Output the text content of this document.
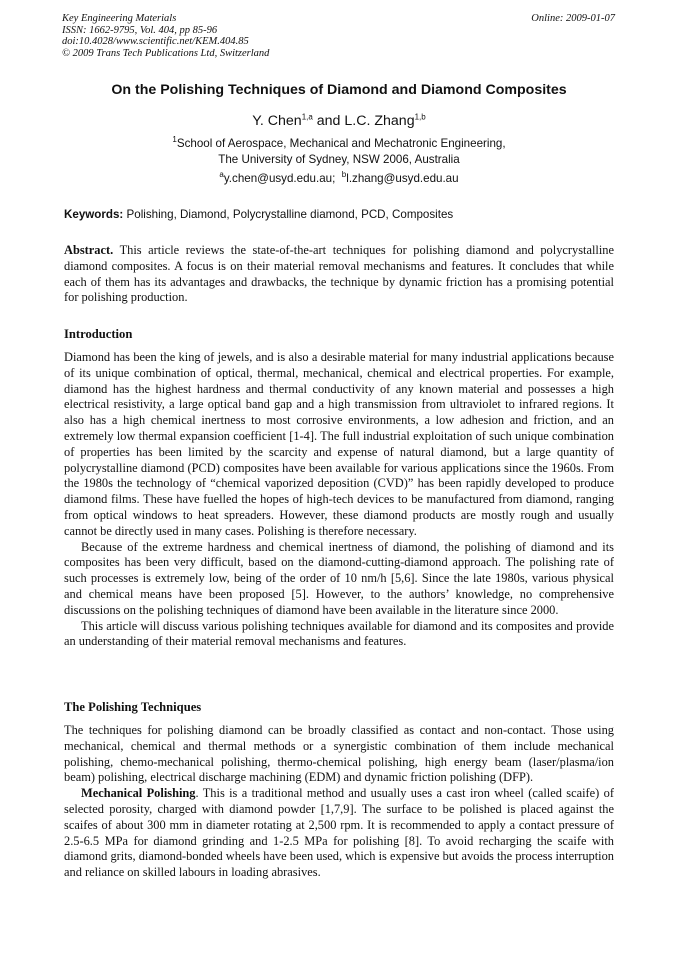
Key Engineering Materials
ISSN: 1662-9795, Vol. 404, pp 85-96
doi:10.4028/www.scientific.net/KEM.404.85
© 2009 Trans Tech Publications Ltd, Switzerland
Online: 2009-01-07
On the Polishing Techniques of Diamond and Diamond Composites
Y. Chen$^{1,a}$ and L.C. Zhang$^{1,b}$
$^1$School of Aerospace, Mechanical and Mechatronic Engineering,
The University of Sydney, NSW 2006, Australia
$^a$y.chen@usyd.edu.au; $^b$l.zhang@usyd.edu.au
Keywords: Polishing, Diamond, Polycrystalline diamond, PCD, Composites

Abstract. This article reviews the state-of-the-art techniques for polishing diamond and polycrystalline diamond composites. A focus is on their material removal mechanisms and features. It concludes that while each of them has its advantages and drawbacks, the technique by dynamic friction has a promising potential for polishing production.

Introduction

Diamond has been the king of jewels, and is also a desirable material for many industrial applications because of its unique combination of optical, thermal, mechanical, chemical and electrical properties. For example, diamond has the highest hardness and thermal conductivity of any known material and possesses a high electrical resistivity, a large optical band gap and a high transmission from ultraviolet to infrared regions. It also has a high chemical inertness to most corrosive environments, a low adhesion and friction, and an extremely low thermal expansion coefficient [1-4]. The full industrial exploitation of such unique combination of properties has been limited by the scarcity and expense of natural diamond, but a large quantity of polycrystalline diamond (PCD) composites have been available for various applications since the 1960s. From the 1980s the technology of “chemical vaporized deposition (CVD)” has been rapidly developed to produce diamond films. These have fuelled the hopes of high-tech devices to be manufactured from diamond, ranging from optical windows to heat spreaders. However, these diamond products are mostly rough and usually cannot be directly used in many cases. Polishing is therefore necessary.

Because of the extreme hardness and chemical inertness of diamond, the polishing of diamond and its composites has been very difficult, based on the diamond-cutting-diamond approach. The polishing rate of such processes is extremely low, being of the order of 10 nm/h [5,6]. Since the late 1980s, various physical and chemical means have been proposed [5]. However, to the authors’ knowledge, no comprehensive discussions on the polishing techniques of diamond have been available in the literature since 2000.

This article will discuss various polishing techniques available for diamond and its composites and provide an understanding of their material removal mechanisms and features.

The Polishing Techniques

The techniques for polishing diamond can be broadly classified as contact and non-contact. Those using mechanical, chemical and thermal methods or a synergistic combination of them include mechanical polishing, chemo-mechanical polishing, thermo-chemical polishing, high energy beam (laser/plasma/ion beam) polishing, electrical discharge machining (EDM) and dynamic friction polishing (DFP).

Mechanical Polishing. This is a traditional method and usually uses a cast iron wheel (called scaife) of selected porosity, charged with diamond powder [1,7,9]. The surface to be polished is placed against the scaifes of about 300 mm in diameter rotating at 2,500 rpm. It is recommended to apply a contact pressure of 2.5-6.5 MPa for diamond grinding and 1-2.5 MPa for polishing [8]. To avoid recharging the scaife with diamond grits, diamond-bonded wheels have been used, which is expensive but avoids the process interruption and reliance on skilled labours in loading abrasives.
